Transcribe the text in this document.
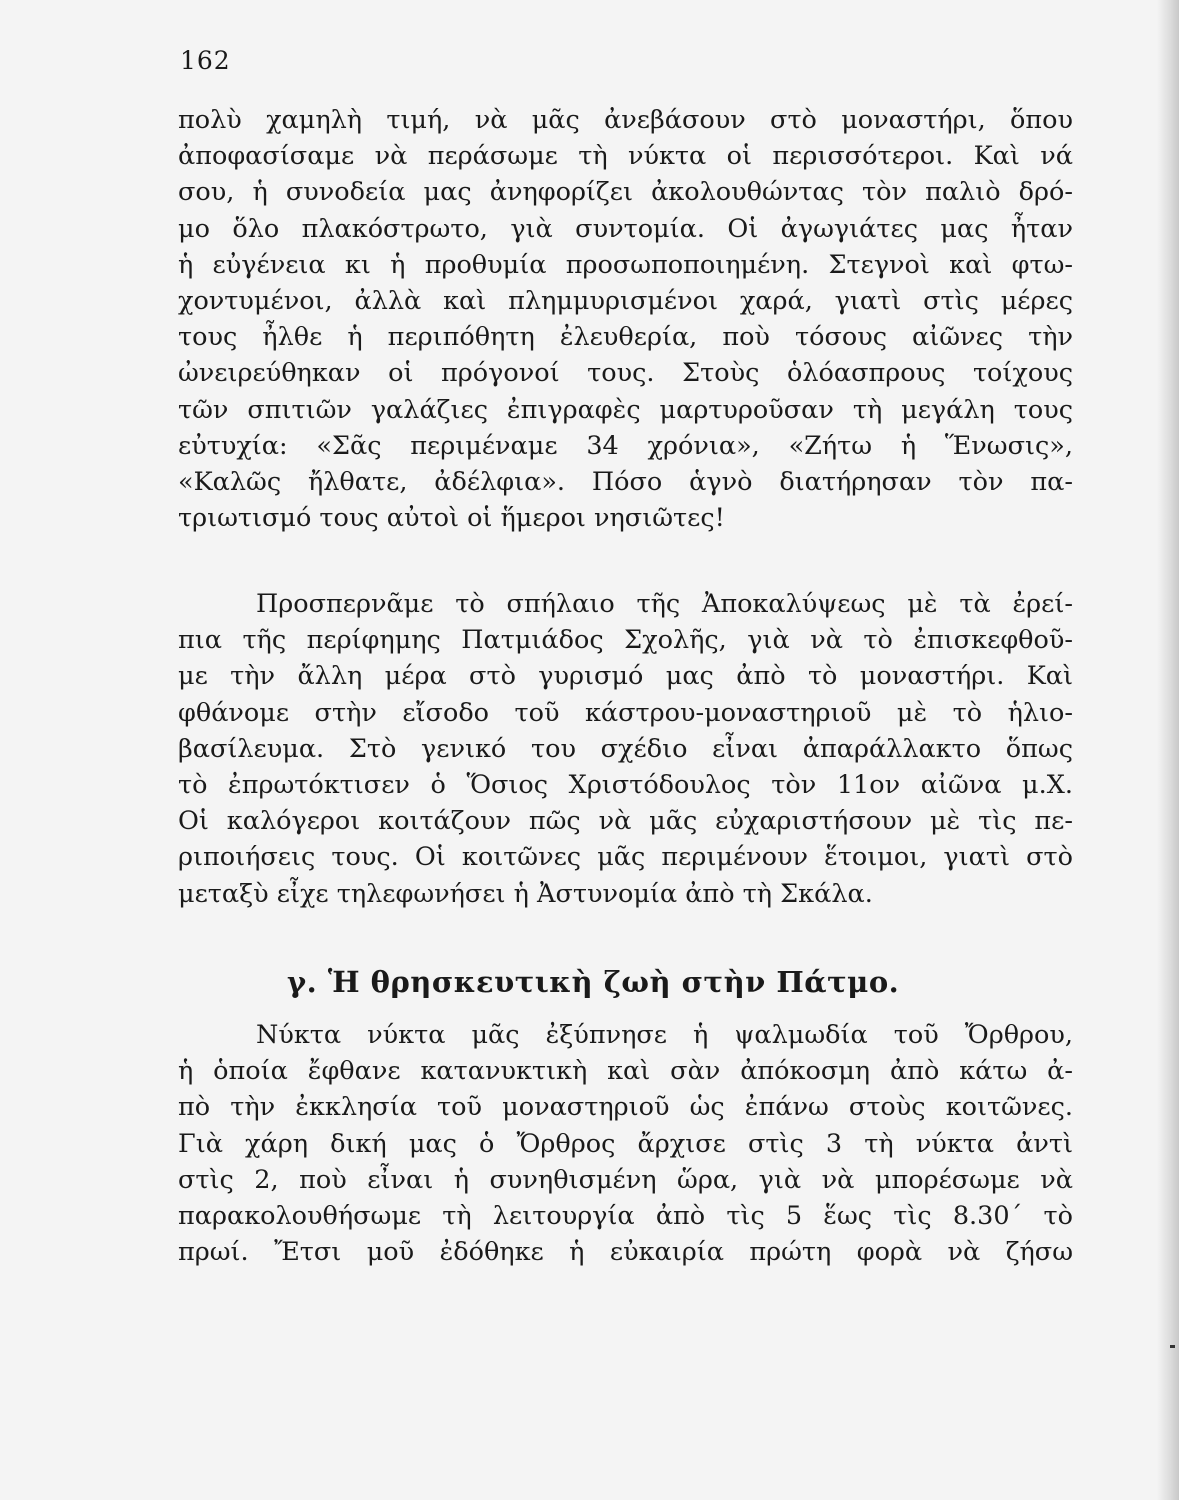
162
πολὺ χαμηλὴ τιμή, νὰ μᾶς ἀνεβάσουν στὸ μοναστήρι, ὅπου
ἀποφασίσαμε νὰ περάσωμε τὴ νύκτα οἱ περισσότεροι. Καὶ νά
σου, ἡ συνοδεία μας ἀνηφορίζει ἀκολουθώντας τὸν παλιὸ δρό-
μο ὅλο πλακόστρωτο, γιὰ συντομία. Οἱ ἀγωγιάτες μας ἦταν
ἡ εὐγένεια κι ἡ προθυμία προσωποποιημένη. Στεγνοὶ καὶ φτω-
χοντυμένοι, ἀλλὰ καὶ πλημμυρισμένοι χαρά, γιατὶ στὶς μέρες
τους ἦλθε ἡ περιπόθητη ἐλευθερία, ποὺ τόσους αἰῶνες τὴν
ὠνειρεύθηκαν οἱ πρόγονοί τους. Στοὺς ὁλόασπρους τοίχους
τῶν σπιτιῶν γαλάζιες ἐπιγραφὲς μαρτυροῦσαν τὴ μεγάλη τους
εὐτυχία: «Σᾶς περιμέναμε 34 χρόνια», «Ζήτω ἡ Ἕνωσις»,
«Καλῶς ἤλθατε, ἀδέλφια». Πόσο ἁγνὸ διατήρησαν τὸν πα-
τριωτισμό τους αὐτοὶ οἱ ἥμεροι νησιῶτες!
Προσπερνᾶμε τὸ σπήλαιο τῆς Ἀποκαλύψεως μὲ τὰ ἐρεί-
πια τῆς περίφημης Πατμιάδος Σχολῆς, γιὰ νὰ τὸ ἐπισκεφθοῦ-
με τὴν ἄλλη μέρα στὸ γυρισμό μας ἀπὸ τὸ μοναστήρι. Καὶ
φθάνομε στὴν εἴσοδο τοῦ κάστρου-μοναστηριοῦ μὲ τὸ ἡλιο-
βασίλευμα. Στὸ γενικό του σχέδιο εἶναι ἀπαράλλακτο ὅπως
τὸ ἐπρωτόκτισεν ὁ Ὅσιος Χριστόδουλος τὸν 11ον αἰῶνα μ.Χ.
Οἱ καλόγεροι κοιτάζουν πῶς νὰ μᾶς εὐχαριστήσουν μὲ τὶς πε-
ριποιήσεις τους. Οἱ κοιτῶνες μᾶς περιμένουν ἕτοιμοι, γιατὶ στὸ
μεταξὺ εἶχε τηλεφωνήσει ἡ Ἀστυνομία ἀπὸ τὴ Σκάλα.
γ. Ἡ θρησκευτικὴ ζωὴ στὴν Πάτμο.
Νύκτα νύκτα μᾶς ἐξύπνησε ἡ ψαλμωδία τοῦ Ὄρθρου,
ἡ ὁποία ἔφθανε κατανυκτικὴ καὶ σὰν ἀπόκοσμη ἀπὸ κάτω ἀ-
πὸ τὴν ἐκκλησία τοῦ μοναστηριοῦ ὡς ἐπάνω στοὺς κοιτῶνες.
Γιὰ χάρη δική μας ὁ Ὄρθρος ἄρχισε στὶς 3 τὴ νύκτα ἀντὶ
στὶς 2, ποὺ εἶναι ἡ συνηθισμένη ὥρα, γιὰ νὰ μπορέσωμε νὰ
παρακολουθήσωμε τὴ λειτουργία ἀπὸ τὶς 5 ἕως τὶς 8.30΄ τὸ
πρωί. Ἔτσι μοῦ ἐδόθηκε ἡ εὐκαιρία πρώτη φορὰ νὰ ζήσω
